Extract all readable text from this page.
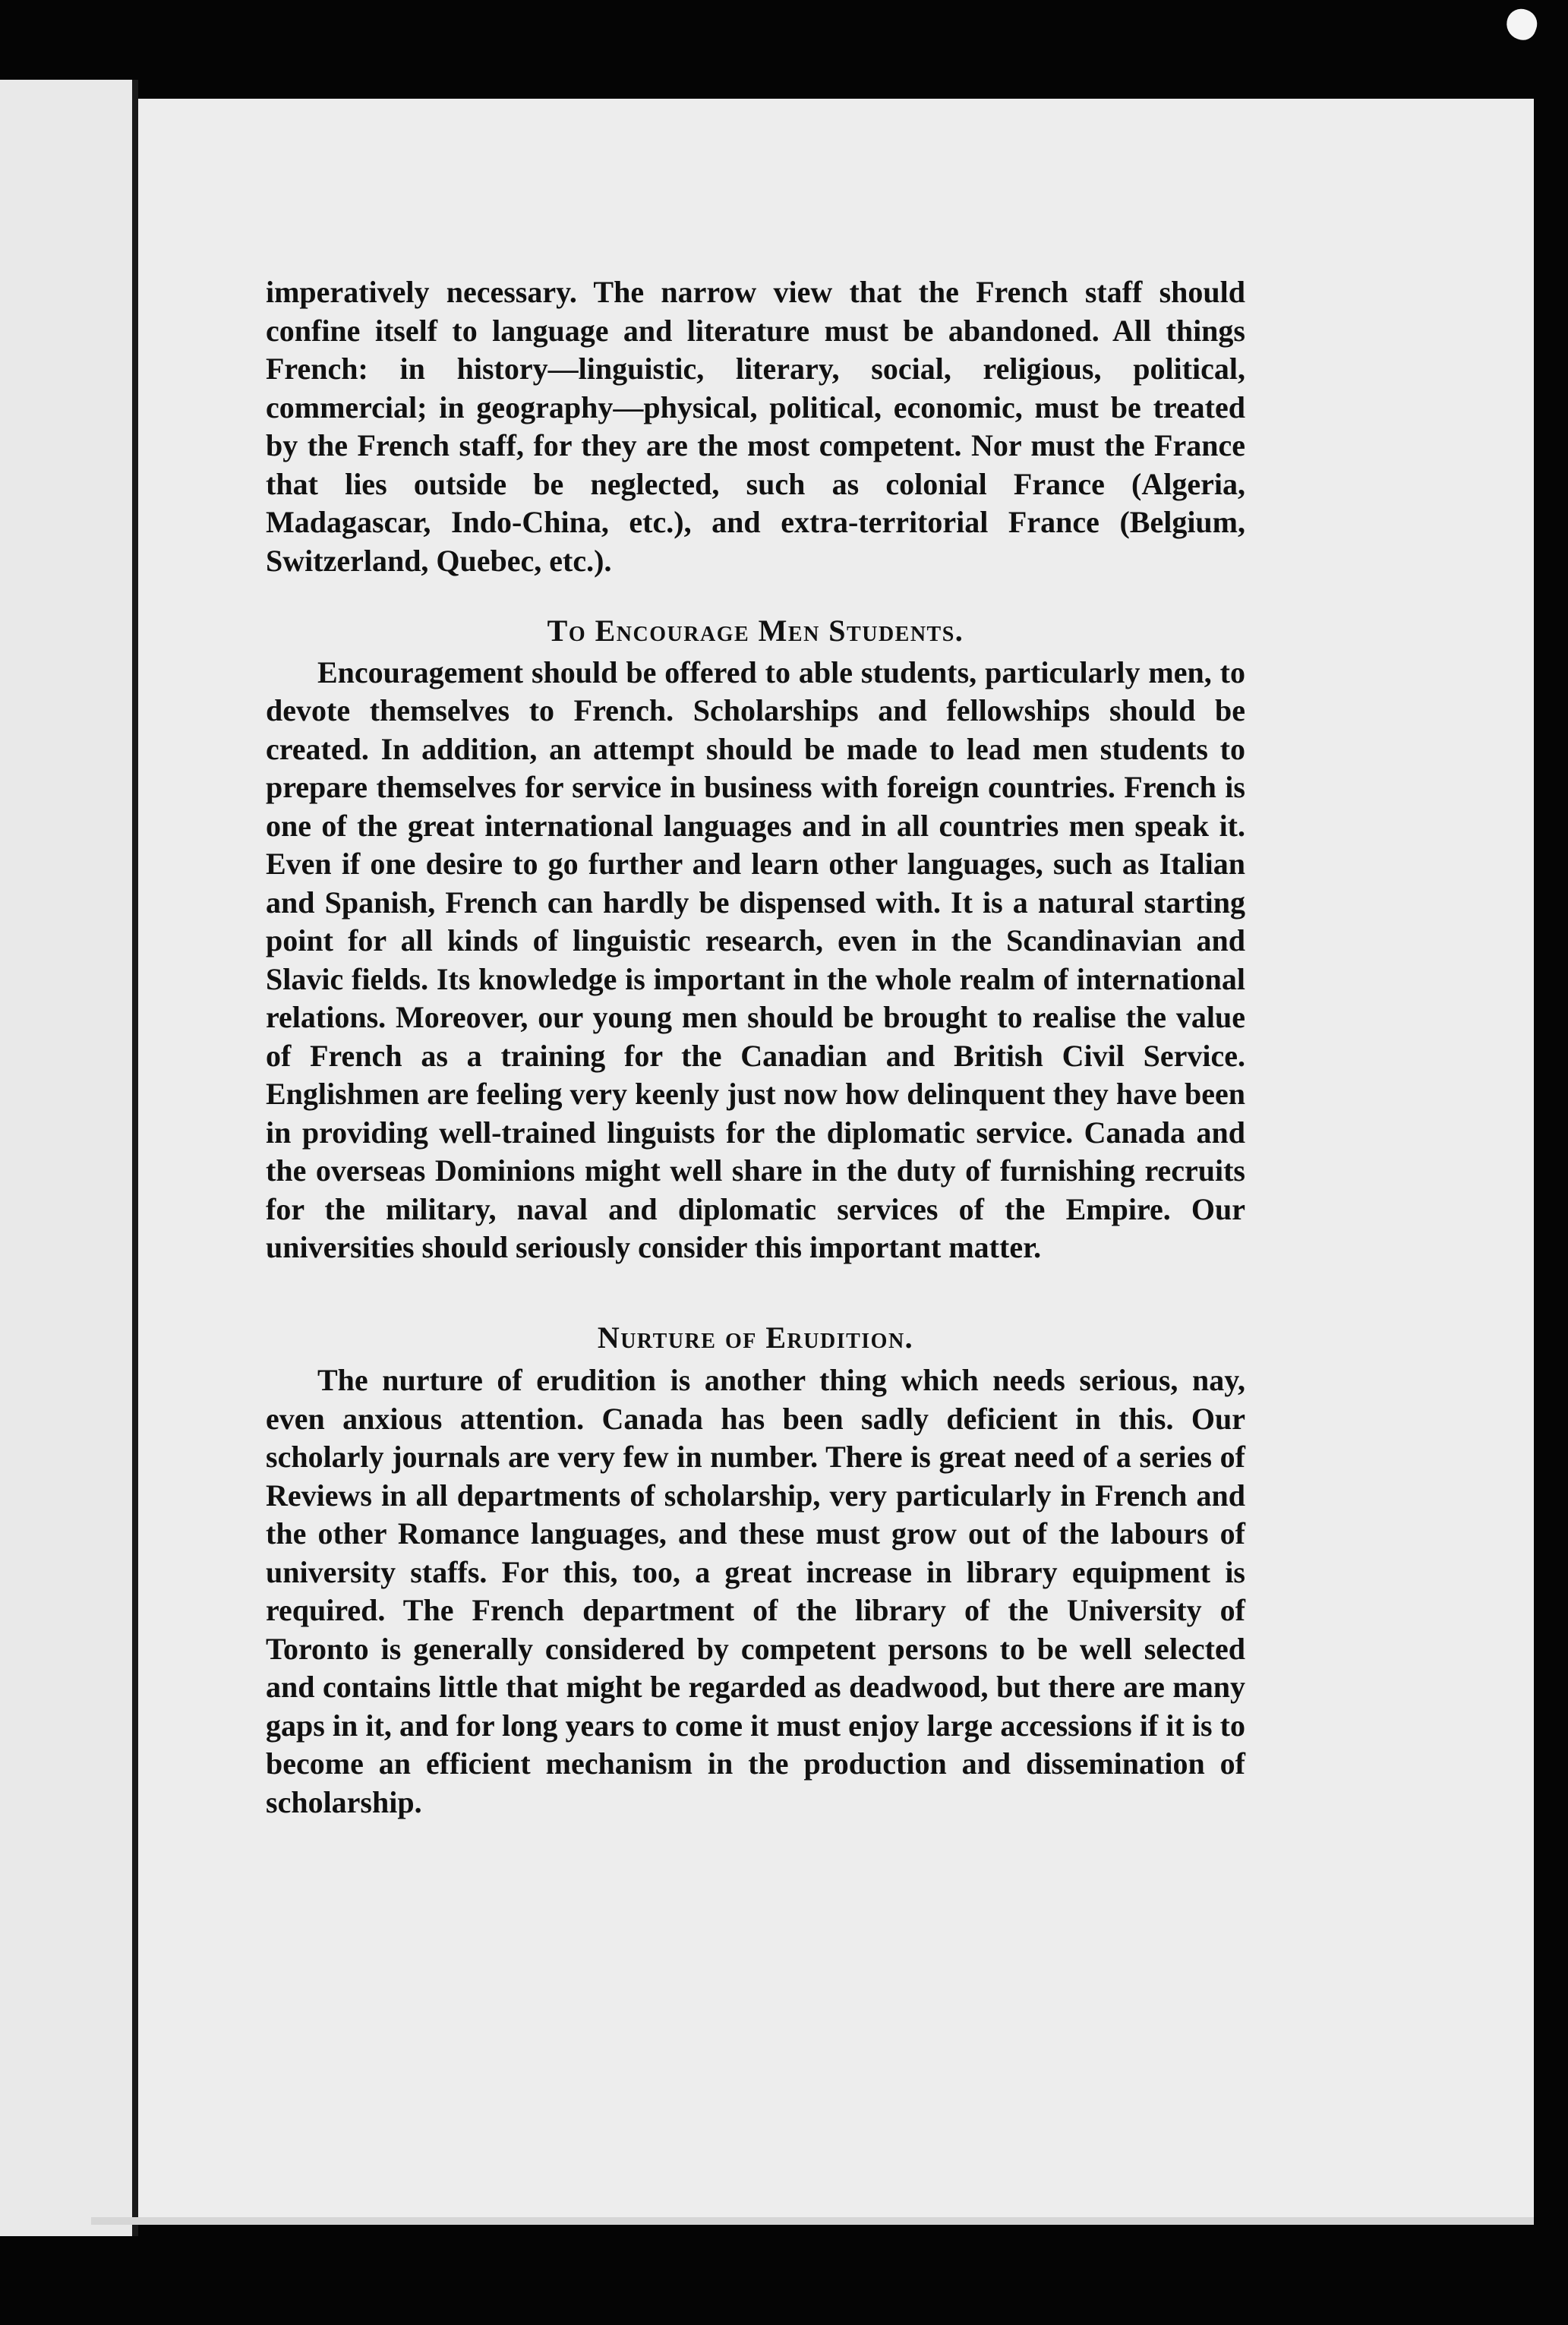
imperatively necessary. The narrow view that the French staff should confine itself to language and literature must be abandoned. All things French: in history—linguistic, literary, social, religious, political, commercial; in geography—physical, political, economic, must be treated by the French staff, for they are the most competent. Nor must the France that lies outside be neglected, such as colonial France (Algeria, Madagascar, Indo-China, etc.), and extra-territorial France (Belgium, Switzerland, Quebec, etc.).

To Encourage Men Students.

Encouragement should be offered to able students, particularly men, to devote themselves to French. Scholarships and fellowships should be created. In addition, an attempt should be made to lead men students to prepare themselves for service in business with foreign countries. French is one of the great international languages and in all countries men speak it. Even if one desire to go further and learn other languages, such as Italian and Spanish, French can hardly be dispensed with. It is a natural starting point for all kinds of linguistic research, even in the Scandinavian and Slavic fields. Its knowledge is important in the whole realm of international relations. Moreover, our young men should be brought to realise the value of French as a training for the Canadian and British Civil Service. Englishmen are feeling very keenly just now how delinquent they have been in providing well-trained linguists for the diplomatic service. Canada and the overseas Dominions might well share in the duty of furnishing recruits for the military, naval and diplomatic services of the Empire. Our universities should seriously consider this important matter.

Nurture of Erudition.

The nurture of erudition is another thing which needs serious, nay, even anxious attention. Canada has been sadly deficient in this. Our scholarly journals are very few in number. There is great need of a series of Reviews in all departments of scholarship, very particularly in French and the other Romance languages, and these must grow out of the labours of university staffs. For this, too, a great increase in library equipment is required. The French department of the library of the University of Toronto is generally considered by competent persons to be well selected and contains little that might be regarded as deadwood, but there are many gaps in it, and for long years to come it must enjoy large accessions if it is to become an efficient mechanism in the production and dissemination of scholarship.
